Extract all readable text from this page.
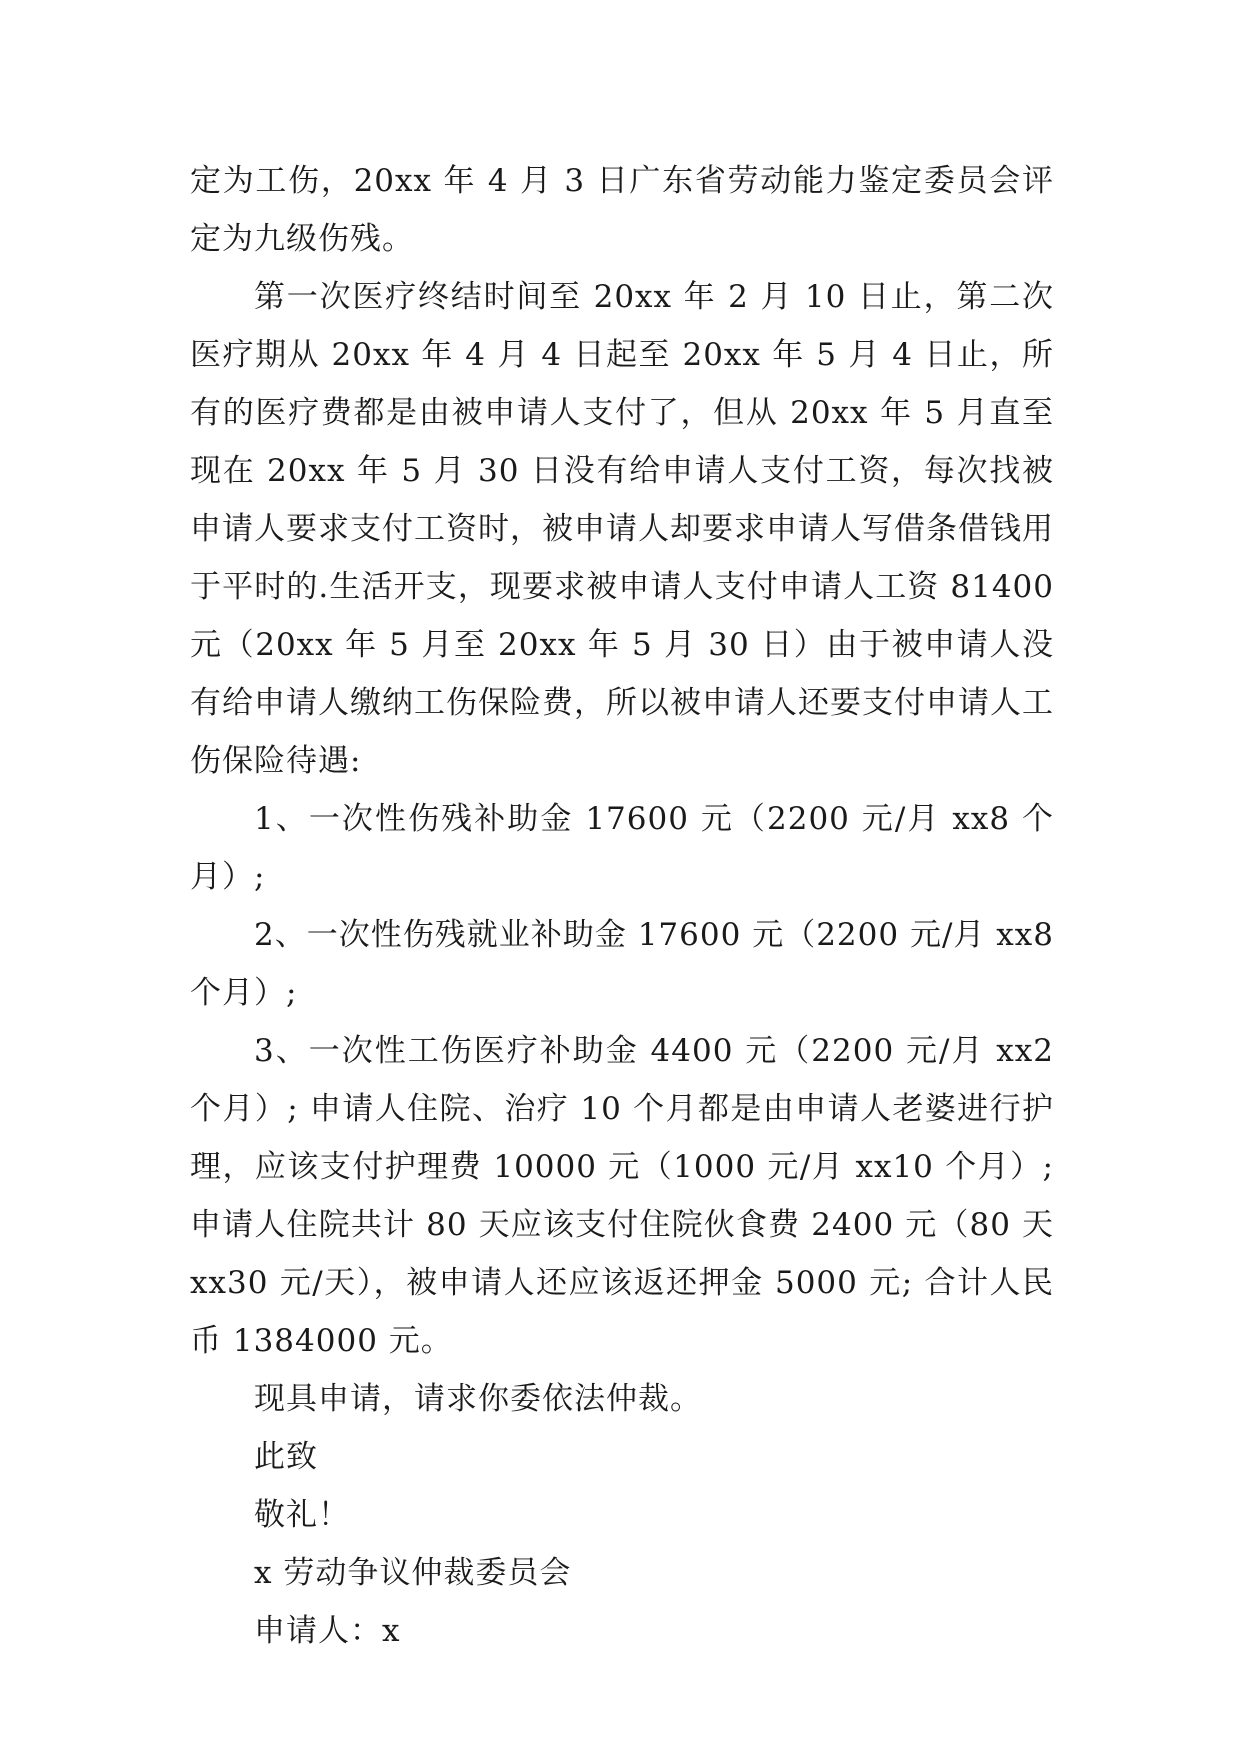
定为工伤，20xx 年 4 月 3 日广东省劳动能力鉴定委员会评定为九级伤残。

第一次医疗终结时间至 20xx 年 2 月 10 日止，第二次医疗期从 20xx 年 4 月 4 日起至 20xx 年 5 月 4 日止，所有的医疗费都是由被申请人支付了，但从 20xx 年 5 月直至现在 20xx 年 5 月 30 日没有给申请人支付工资，每次找被申请人要求支付工资时，被申请人却要求申请人写借条借钱用于平时的.生活开支，现要求被申请人支付申请人工资 81400 元（20xx 年 5 月至 20xx 年 5 月 30 日）由于被申请人没有给申请人缴纳工伤保险费，所以被申请人还要支付申请人工伤保险待遇:

1、一次性伤残补助金 17600 元（2200 元/月 xx8 个月）;

2、一次性伤残就业补助金 17600 元（2200 元/月 xx8 个月）;

3、一次性工伤医疗补助金 4400 元（2200 元/月 xx2 个月）; 申请人住院、治疗 10 个月都是由申请人老婆进行护理，应该支付护理费 10000 元（1000 元/月 xx10 个月）; 申请人住院共计 80 天应该支付住院伙食费 2400 元（80 天 xx30 元/天），被申请人还应该返还押金 5000 元; 合计人民币 1384000 元。

现具申请，请求你委依法仲裁。

此致

敬礼！

x 劳动争议仲裁委员会

申请人：x
